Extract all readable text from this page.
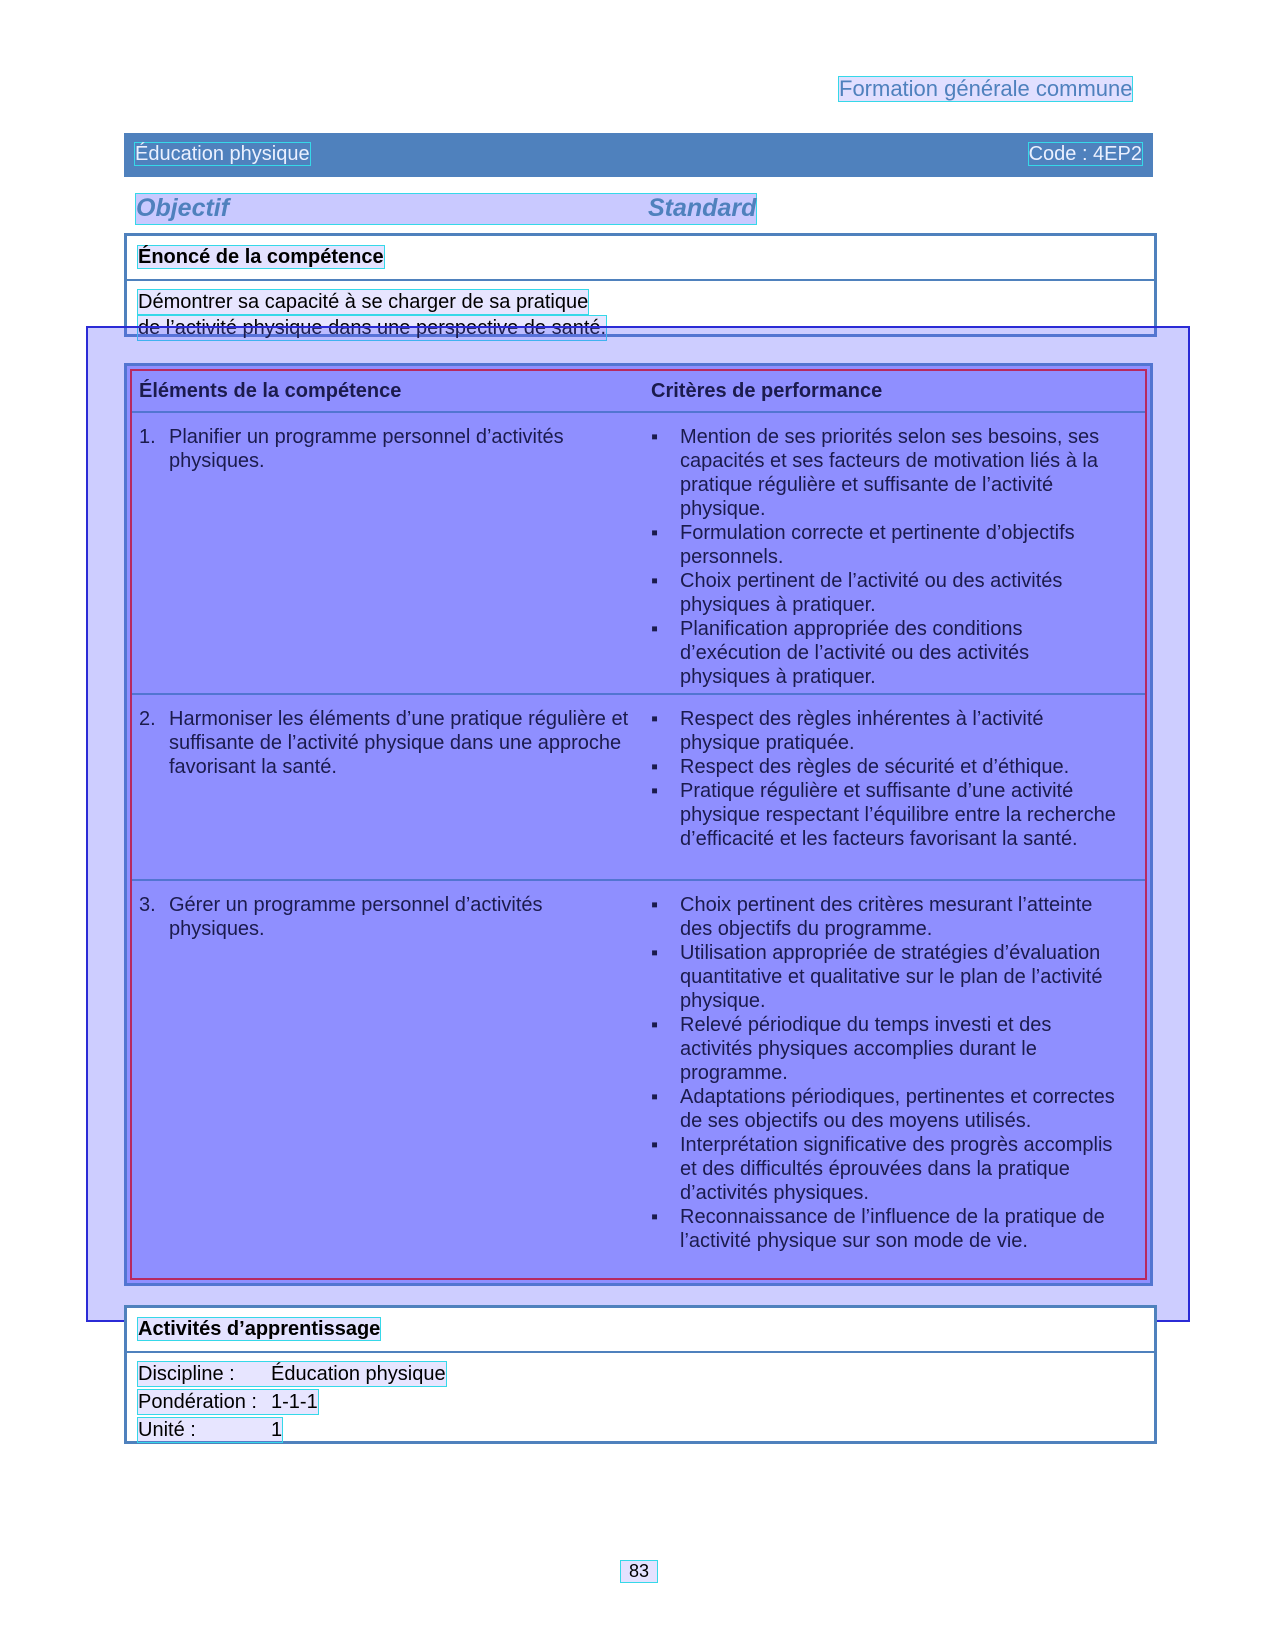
Formation générale commune
Éducation physique	Code : 4EP2
Objectif	Standard
Énoncé de la compétence
Démontrer sa capacité à se charger de sa pratique
de l’activité physique dans une perspective de santé.
Éléments de la compétence	Critères de performance
1. Planifier un programme personnel d’activités physiques.
▪ Mention de ses priorités selon ses besoins, ses capacités et ses facteurs de motivation liés à la pratique régulière et suffisante de l’activité physique.
▪ Formulation correcte et pertinente d’objectifs personnels.
▪ Choix pertinent de l’activité ou des activités physiques à pratiquer.
▪ Planification appropriée des conditions d’exécution de l’activité ou des activités physiques à pratiquer.
2. Harmoniser les éléments d’une pratique régulière et suffisante de l’activité physique dans une approche favorisant la santé.
▪ Respect des règles inhérentes à l’activité physique pratiquée.
▪ Respect des règles de sécurité et d’éthique.
▪ Pratique régulière et suffisante d’une activité physique respectant l’équilibre entre la recherche d’efficacité et les facteurs favorisant la santé.
3. Gérer un programme personnel d’activités physiques.
▪ Choix pertinent des critères mesurant l’atteinte des objectifs du programme.
▪ Utilisation appropriée de stratégies d’évaluation quantitative et qualitative sur le plan de l’activité physique.
▪ Relevé périodique du temps investi et des activités physiques accomplies durant le programme.
▪ Adaptations périodiques, pertinentes et correctes de ses objectifs ou des moyens utilisés.
▪ Interprétation significative des progrès accomplis et des difficultés éprouvées dans la pratique d’activités physiques.
▪ Reconnaissance de l’influence de la pratique de l’activité physique sur son mode de vie.
Activités d’apprentissage
Discipline : Éducation physique
Pondération : 1-1-1
Unité :	1
83
